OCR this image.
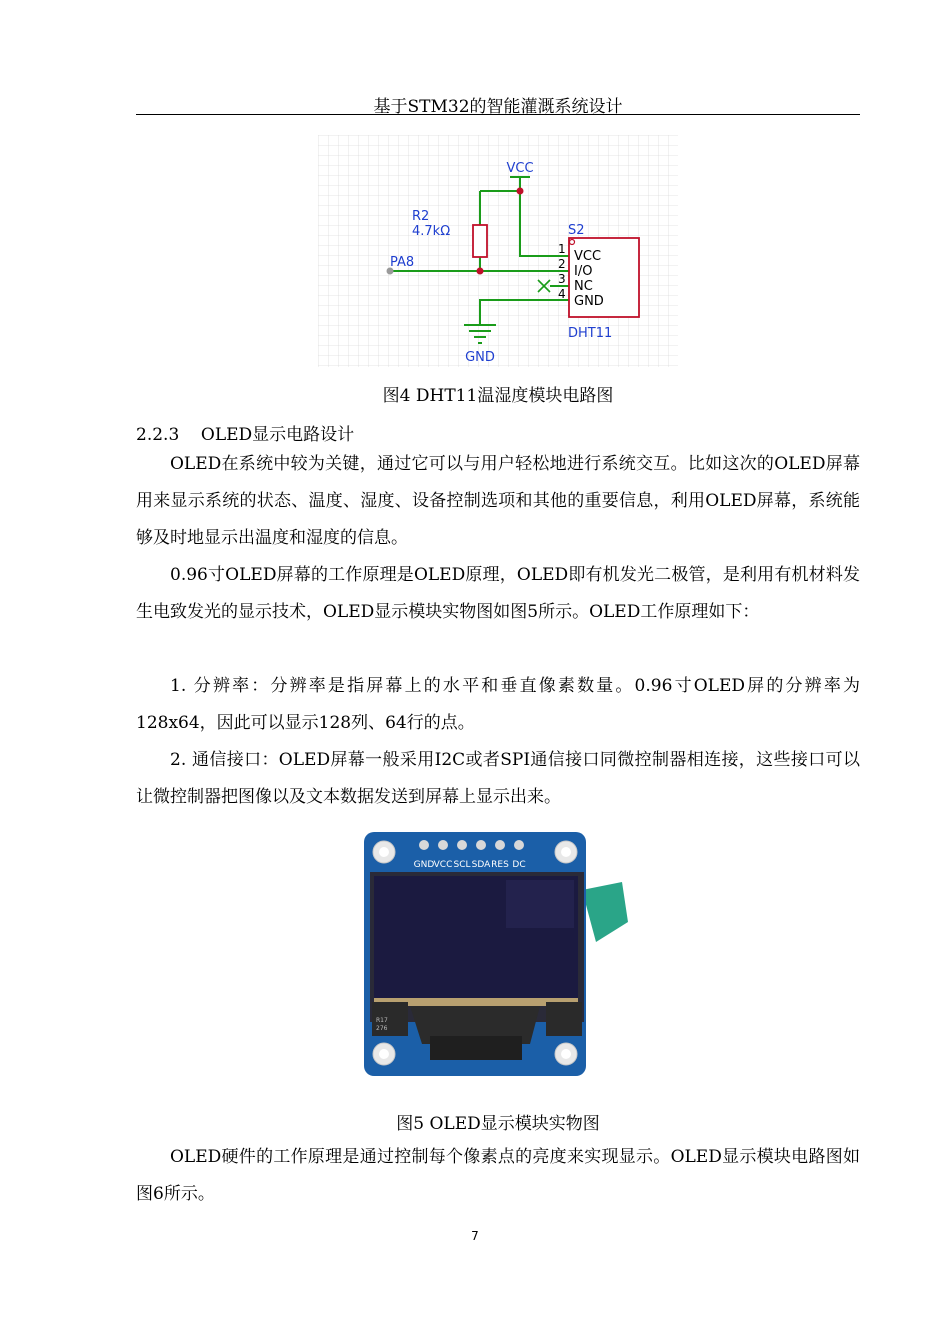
基于STM32的智能灌溉系统设计
VCC
R2
4.7kΩ
PA8
GND
S2
DHT11
1
2
3
4
VCC
I/O
NC
GND
图4 DHT11温湿度模块电路图
2.2.3 OLED显示电路设计

OLED在系统中较为关键，通过它可以与用户轻松地进行系统交互。比如这次的OLED屏幕用来显示系统的状态、温度、湿度、设备控制选项和其他的重要信息，利用OLED屏幕，系统能够及时地显示出温度和湿度的信息。

0.96寸OLED屏幕的工作原理是OLED原理，OLED即有机发光二极管，是利用有机材料发生电致发光的显示技术，OLED显示模块实物图如图5所示。OLED工作原理如下：

1. 分辨率：分辨率是指屏幕上的水平和垂直像素数量。0.96寸OLED屏的分辨率为128x64，因此可以显示128列、64行的点。

2. 通信接口：OLED屏幕一般采用I2C或者SPI通信接口同微控制器相连接，这些接口可以让微控制器把图像以及文本数据发送到屏幕上显示出来。

GND VCC SCL SDA RES DC
R17
276
图5 OLED显示模块实物图

OLED硬件的工作原理是通过控制每个像素点的亮度来实现显示。OLED显示模块电路图如图6所示。

7
